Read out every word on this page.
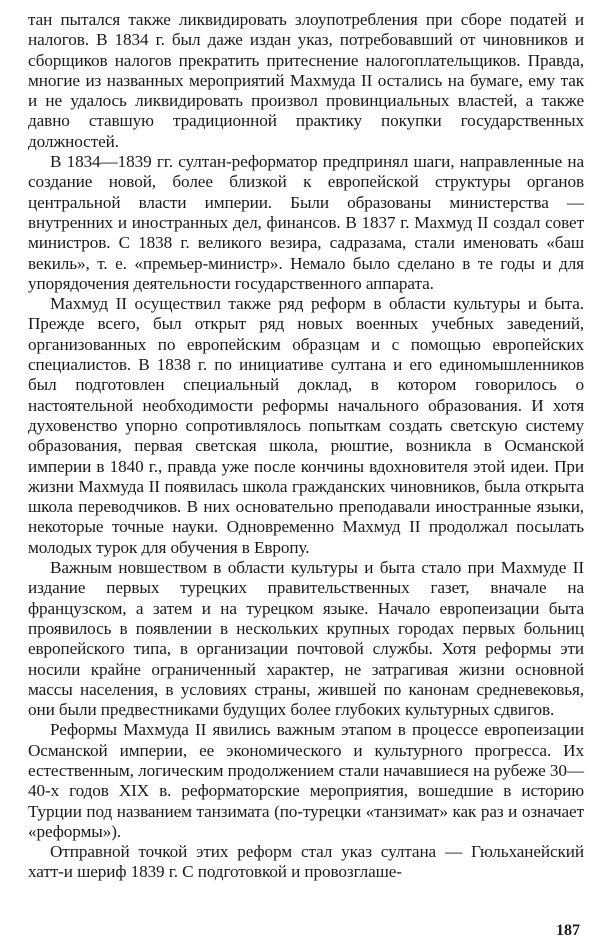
тан пытался также ликвидировать злоупотребления при сборе податей и налогов. В 1834 г. был даже издан указ, потребовавший от чиновников и сборщиков налогов прекратить притеснение налогоплательщиков. Правда, многие из названных мероприятий Махмуда II остались на бумаге, ему так и не удалось ликвидировать произвол провинциальных властей, а также давно ставшую традиционной практику покупки государственных должностей.

В 1834—1839 гг. султан-реформатор предпринял шаги, направленные на создание новой, более близкой к европейской структуры органов центральной власти империи. Были образованы министерства — внутренних и иностранных дел, финансов. В 1837 г. Махмуд II создал совет министров. С 1838 г. великого везира, садразама, стали именовать «баш векиль», т. е. «премьер-министр». Немало было сделано в те годы и для упорядочения деятельности государственного аппарата.

Махмуд II осуществил также ряд реформ в области культуры и быта. Прежде всего, был открыт ряд новых военных учебных заведений, организованных по европейским образцам и с помощью европейских специалистов. В 1838 г. по инициативе султана и его единомышленников был подготовлен специальный доклад, в котором говорилось о настоятельной необходимости реформы начального образования. И хотя духовенство упорно сопротивлялось попыткам создать светскую систему образования, первая светская школа, рюштие, возникла в Османской империи в 1840 г., правда уже после кончины вдохновителя этой идеи. При жизни Махмуда II появилась школа гражданских чиновников, была открыта школа переводчиков. В них основательно преподавали иностранные языки, некоторые точные науки. Одновременно Махмуд II продолжал посылать молодых турок для обучения в Европу.

Важным новшеством в области культуры и быта стало при Махмуде II издание первых турецких правительственных газет, вначале на французском, а затем и на турецком языке. Начало европеизации быта проявилось в появлении в нескольких крупных городах первых больниц европейского типа, в организации почтовой службы. Хотя реформы эти носили крайне ограниченный характер, не затрагивая жизни основной массы населения, в условиях страны, жившей по канонам средневековья, они были предвестниками будущих более глубоких культурных сдвигов.

Реформы Махмуда II явились важным этапом в процессе европеизации Османской империи, ее экономического и культурного прогресса. Их естественным, логическим продолжением стали начавшиеся на рубеже 30—40-х годов XIX в. реформаторские мероприятия, вошедшие в историю Турции под названием танзимата (по-турецки «танзимат» как раз и означает «реформы»).

Отправной точкой этих реформ стал указ султана — Гюльханейский хатт-и шериф 1839 г. С подготовкой и провозглаше-

187
